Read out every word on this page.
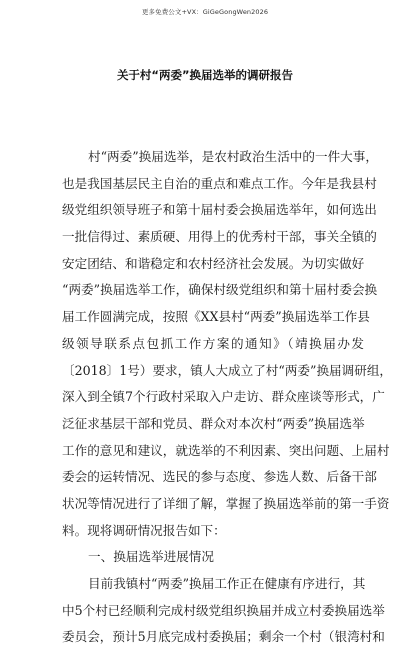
更多免费公文+VX：GiGeGongWen2026
关于村“两委”换届选举的调研报告
村“两委”换届选举，是农村政治生活中的一件大事，
也是我国基层民主自治的重点和难点工作。今年是我县村
级党组织领导班子和第十届村委会换届选举年，如何选出
一批信得过、素质硬、用得上的优秀村干部，事关全镇的
安定团结、和谐稳定和农村经济社会发展。为切实做好
“两委”换届选举工作，确保村级党组织和第十届村委会换
届工作圆满完成，按照《XX县村“两委”换届选举工作县
级领导联系点包抓工作方案的通知》（靖换届办发
〔2018〕1号）要求，镇人大成立了村“两委”换届调研组，
深入到全镇7个行政村采取入户走访、群众座谈等形式，广
泛征求基层干部和党员、群众对本次村“两委”换届选举
工作的意见和建议，就选举的不利因素、突出问题、上届村
委会的运转情况、选民的参与态度、参选人数、后备干部
状况等情况进行了详细了解，掌握了换届选举前的第一手资
料。现将调研情况报告如下：
一、换届选举进展情况
目前我镇村“两委”换届工作正在健康有序进行，其
中5个村已经顺利完成村级党组织换届并成立村委换届选举
委员会，预计5月底完成村委换届；剩余一个村（银湾村和
